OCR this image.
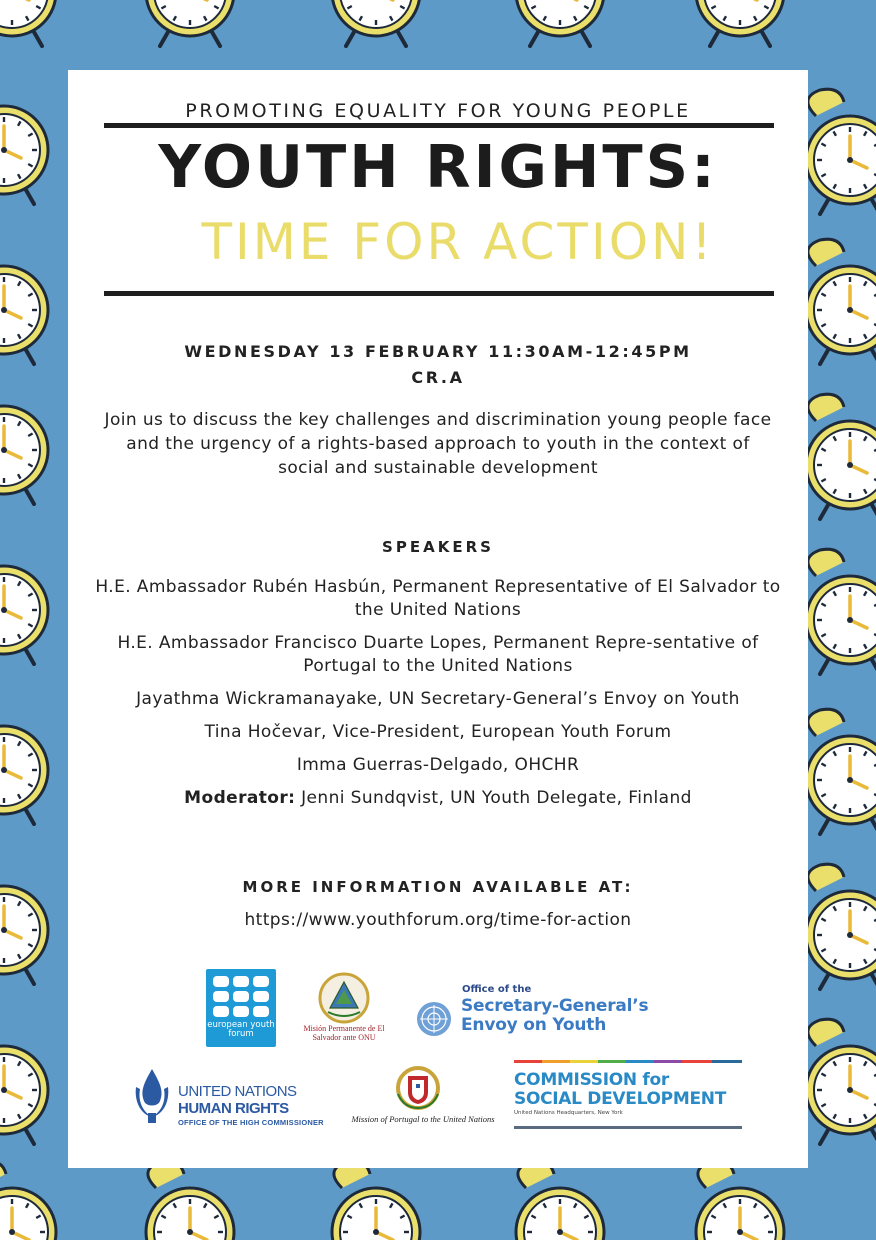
PROMOTING EQUALITY FOR YOUNG PEOPLE
YOUTH RIGHTS:
TIME FOR ACTION!
WEDNESDAY 13 FEBRUARY 11:30AM-12:45PM
CR.A
Join us to discuss the key challenges and discrimination young people face and the urgency of a rights-based approach to youth in the context of social and sustainable development
SPEAKERS
H.E. Ambassador Rubén Hasbún, Permanent Representative of El Salvador to the United Nations
H.E. Ambassador Francisco Duarte Lopes, Permanent Repre-sentative of Portugal to the United Nations
Jayathma Wickramanayake, UN Secretary-General’s Envoy on Youth
Tina Hočevar, Vice-President, European Youth Forum
Imma Guerras-Delgado, OHCHR
Moderator: Jenni Sundqvist, UN Youth Delegate, Finland
MORE INFORMATION AVAILABLE AT:
https://www.youthforum.org/time-for-action
european youth forum
Misión Permanente de El Salvador ante ONU
Office of the
Secretary-General’s
Envoy on Youth
UNITED NATIONS
HUMAN RIGHTS
OFFICE OF THE HIGH COMMISSIONER	Mission of Portugal to the United Nations
COMMISSION for
SOCIAL DEVELOPMENT
United Nations Headquarters, New York
